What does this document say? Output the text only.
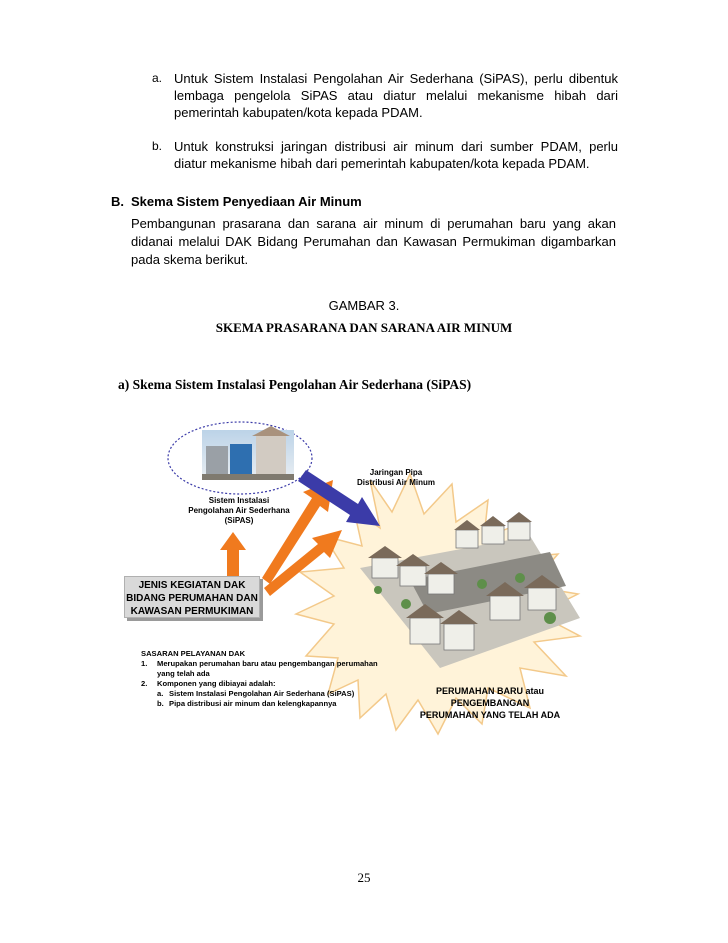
a. Untuk Sistem Instalasi Pengolahan Air Sederhana (SiPAS), perlu dibentuk lembaga pengelola SiPAS atau diatur melalui mekanisme hibah dari pemerintah kabupaten/kota kepada PDAM.
b. Untuk konstruksi jaringan distribusi air minum dari sumber PDAM, perlu diatur mekanisme hibah dari pemerintah kabupaten/kota kepada PDAM.
B. Skema Sistem Penyediaan Air Minum
Pembangunan prasarana dan sarana air minum di perumahan baru yang akan didanai melalui DAK Bidang Perumahan dan Kawasan Permukiman digambarkan pada skema berikut.
GAMBAR 3.
SKEMA PRASARANA DAN SARANA AIR MINUM
a) Skema Sistem Instalasi Pengolahan Air Sederhana (SiPAS)
Sistem Instalasi
Pengolahan Air Sederhana
(SiPAS)
Jaringan Pipa
Distribusi Air Minum
JENIS KEGIATAN DAK
BIDANG PERUMAHAN DAN
KAWASAN PERMUKIMAN
SASARAN PELAYANAN DAK
1. Merupakan perumahan baru atau pengembangan perumahan yang telah ada
2. Komponen yang dibiayai adalah:
a. Sistem Instalasi Pengolahan Air Sederhana (SiPAS)
b. Pipa distribusi air minum dan kelengkapannya
PERUMAHAN BARU atau
PENGEMBANGAN
PERUMAHAN YANG TELAH ADA
25
